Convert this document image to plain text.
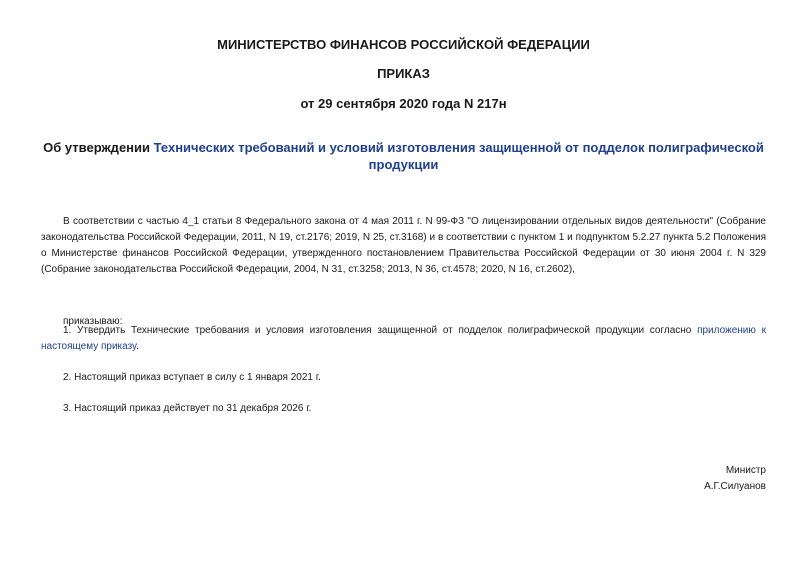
МИНИСТЕРСТВО ФИНАНСОВ РОССИЙСКОЙ ФЕДЕРАЦИИ
ПРИКАЗ
от 29 сентября 2020 года N 217н
Об утверждении Технических требований и условий изготовления защищенной от подделок полиграфической продукции
В соответствии с частью 4_1 статьи 8 Федерального закона от 4 мая 2011 г. N 99-ФЗ "О лицензировании отдельных видов деятельности" (Собрание законодательства Российской Федерации, 2011, N 19, ст.2176; 2019, N 25, ст.3168) и в соответствии с пунктом 1 и подпунктом 5.2.27 пункта 5.2 Положения о Министерстве финансов Российской Федерации, утвержденного постановлением Правительства Российской Федерации от 30 июня 2004 г. N 329 (Собрание законодательства Российской Федерации, 2004, N 31, ст.3258; 2013, N 36, ст.4578; 2020, N 16, ст.2602),
приказываю:
1. Утвердить Технические требования и условия изготовления защищенной от подделок полиграфической продукции согласно приложению к настоящему приказу.
2. Настоящий приказ вступает в силу с 1 января 2021 г.
3. Настоящий приказ действует по 31 декабря 2026 г.
Министр
А.Г.Силуанов
